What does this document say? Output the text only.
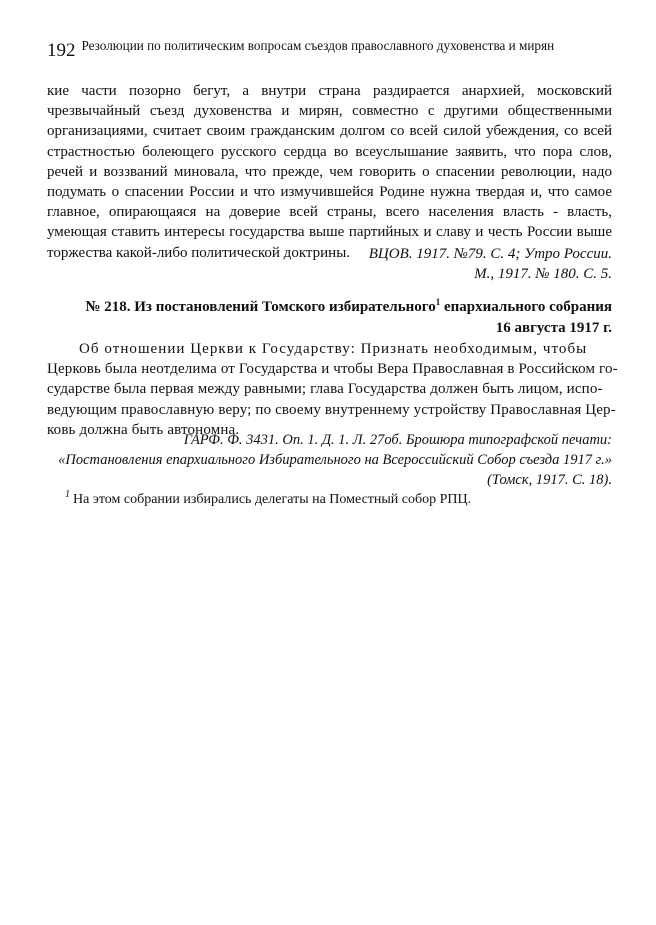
192 Резолюции по политическим вопросам съездов православного духовенства и мирян

кие части позорно бегут, а внутри страна раздирается анархией, московский чрезвычайный съезд духовенства и мирян, совместно с другими общественными организациями, считает своим гражданским долгом со всей силой убеждения, со всей страстностью болеющего русского сердца во всеуслышание заявить, что пора слов, речей и воззваний миновала, что прежде, чем говорить о спасении революции, надо подумать о спасении России и что измучившейся Родине нужна твердая и, что самое главное, опирающаяся на доверие всей страны, всего населения власть - власть, умеющая ставить интересы государства выше партийных и славу и честь России выше торжества какой-либо политической доктрины.	ВЦОВ. 1917. №79. С. 4; Утро России.
М., 1917. № 180. С. 5.
№ 218. Из постановлений Томского избирательного$^1$ епархиального собрания
16 августа 1917 г.
Об отношении Церкви к Государству: Признать необходимым, чтобы
Церковь была неотделима от Государства и чтобы Вера Православная в Российском го-
сударстве была первая между равными; глава Государства должен быть лицом, испо-
ведующим православную веру; по своему внутреннему устройству Православная Цер-
ковь должна быть автономна.
ГАРФ. Ф. 3431. Оп. 1. Д. 1. Л. 27об. Брошюра типографской печати:
«Постановления епархиального Избирательного на Всероссийский Собор съезда 1917 г.»
(Томск, 1917. С. 18).
$^1$ На этом собрании избирались делегаты на Поместный собор РПЦ.
